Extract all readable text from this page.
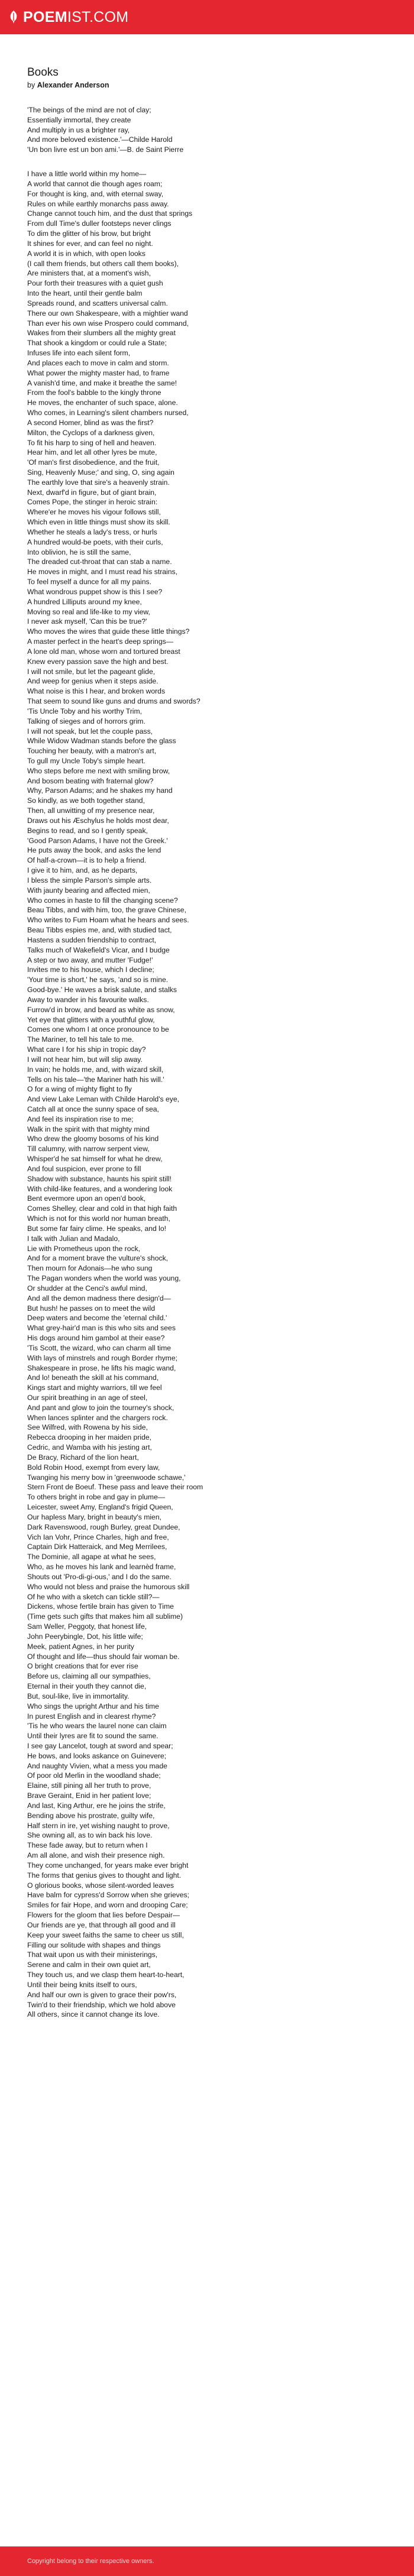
POEMIST.COM
Books
by Alexander Anderson
'The beings of the mind are not of clay;
Essentially immortal, they create
And multiply in us a brighter ray,
And more beloved existence.'—Childe Harold
'Un bon livre est un bon ami.'—B. de Saint Pierre
I have a little world within my home—
A world that cannot die though ages roam;
For thought is king, and, with eternal sway,
Rules on while earthly monarchs pass away.
Change cannot touch him, and the dust that springs
From dull Time's duller footsteps never clings
To dim the glitter of his brow, but bright
It shines for ever, and can feel no night.
A world it is in which, with open looks
(I call them friends, but others call them books),
Are ministers that, at a moment's wish,
Pour forth their treasures with a quiet gush
Into the heart, until their gentle balm
Spreads round, and scatters universal calm.
There our own Shakespeare, with a mightier wand
Than ever his own wise Prospero could command,
Wakes from their slumbers all the mighty great
That shook a kingdom or could rule a State;
Infuses life into each silent form,
And places each to move in calm and storm.
What power the mighty master had, to frame
A vanish'd time, and make it breathe the same!
From the fool's babble to the kingly throne
He moves, the enchanter of such space, alone.
Who comes, in Learning's silent chambers nursed,
A second Homer, blind as was the first?
Milton, the Cyclops of a darkness given,
To fit his harp to sing of hell and heaven.
Hear him, and let all other lyres be mute,
'Of man's first disobedience, and the fruit,
Sing, Heavenly Muse;' and sing, O, sing again
The earthly love that sire's a heavenly strain.
Next, dwarf'd in figure, but of giant brain,
Comes Pope, the stinger in heroic strain:
Where'er he moves his vigour follows still,
Which even in little things must show its skill.
Whether he steals a lady's tress, or hurls
A hundred would-be poets, with their curls,
Into oblivion, he is still the same,
The dreaded cut-throat that can stab a name.
He moves in might, and I must read his strains,
To feel myself a dunce for all my pains.
What wondrous puppet show is this I see?
A hundred Lilliputs around my knee,
Moving so real and life-like to my view,
I never ask myself, 'Can this be true?'
Who moves the wires that guide these little things?
A master perfect in the heart's deep springs—
A lone old man, whose worn and tortured breast
Knew every passion save the high and best.
I will not smile, but let the pageant glide,
And weep for genius when it steps aside.
What noise is this I hear, and broken words
That seem to sound like guns and drums and swords?
'Tis Uncle Toby and his worthy Trim,
Talking of sieges and of horrors grim.
I will not speak, but let the couple pass,
While Widow Wadman stands before the glass
Touching her beauty, with a matron's art,
To gull my Uncle Toby's simple heart.
Who steps before me next with smiling brow,
And bosom beating with fraternal glow?
Why, Parson Adams; and he shakes my hand
So kindly, as we both together stand,
Then, all unwitting of my presence near,
Draws out his Æschylus he holds most dear,
Begins to read, and so I gently speak,
'Good Parson Adams, I have not the Greek.'
He puts away the book, and asks the lend
Of half-a-crown—it is to help a friend.
I give it to him, and, as he departs,
I bless the simple Parson's simple arts.
With jaunty bearing and affected mien,
Who comes in haste to fill the changing scene?
Beau Tibbs, and with him, too, the grave Chinese,
Who writes to Fum Hoam what he hears and sees.
Beau Tibbs espies me, and, with studied tact,
Hastens a sudden friendship to contract,
Talks much of Wakefield's Vicar, and I budge
A step or two away, and mutter 'Fudge!'
Invites me to his house, which I decline;
'Your time is short,' he says, 'and so is mine.
Good-bye.' He waves a brisk salute, and stalks
Away to wander in his favourite walks.
Furrow'd in brow, and beard as white as snow,
Yet eye that glitters with a youthful glow,
Comes one whom I at once pronounce to be
The Mariner, to tell his tale to me.
What care I for his ship in tropic day?
I will not hear him, but will slip away.
In vain; he holds me, and, with wizard skill,
Tells on his tale—'the Mariner hath his will.'
O for a wing of mighty flight to fly
And view Lake Leman with Childe Harold's eye,
Catch all at once the sunny space of sea,
And feel its inspiration rise to me;
Walk in the spirit with that mighty mind
Who drew the gloomy bosoms of his kind
Till calumny, with narrow serpent view,
Whisper'd he sat himself for what he drew,
And foul suspicion, ever prone to fill
Shadow with substance, haunts his spirit still!
With child-like features, and a wondering look
Bent evermore upon an open'd book,
Comes Shelley, clear and cold in that high faith
Which is not for this world nor human breath,
But some far fairy clime. He speaks, and lo!
I talk with Julian and Madalo,
Lie with Prometheus upon the rock,
And for a moment brave the vulture's shock,
Then mourn for Adonais—he who sung
The Pagan wonders when the world was young,
Or shudder at the Cenci's awful mind,
And all the demon madness there design'd—
But hush! he passes on to meet the wild
Deep waters and become the 'eternal child.'
What grey-hair'd man is this who sits and sees
His dogs around him gambol at their ease?
'Tis Scott, the wizard, who can charm all time
With lays of minstrels and rough Border rhyme;
Shakespeare in prose, he lifts his magic wand,
And lo! beneath the skill at his command,
Kings start and mighty warriors, till we feel
Our spirit breathing in an age of steel,
And pant and glow to join the tourney's shock,
When lances splinter and the chargers rock.
See Wilfred, with Rowena by his side,
Rebecca drooping in her maiden pride,
Cedric, and Wamba with his jesting art,
De Bracy, Richard of the lion heart,
Bold Robin Hood, exempt from every law,
Twanging his merry bow in 'greenwoode schawe,'
Stern Front de Boeuf. These pass and leave their room
To others bright in robe and gay in plume—
Leicester, sweet Amy, England's frigid Queen,
Our hapless Mary, bright in beauty's mien,
Dark Ravenswood, rough Burley, great Dundee,
Vich Ian Vohr, Prince Charles, high and free,
Captain Dirk Hatteraick, and Meg Merrilees,
The Dominie, all agape at what he sees,
Who, as he moves his lank and learnèd frame,
Shouts out 'Pro-di-gi-ous,' and I do the same.
Who would not bless and praise the humorous skill
Of he who with a sketch can tickle still?—
Dickens, whose fertile brain has given to Time
(Time gets such gifts that makes him all sublime)
Sam Weller, Peggoty, that honest life,
John Peerybingle, Dot, his little wife;
Meek, patient Agnes, in her purity
Of thought and life—thus should fair woman be.
O bright creations that for ever rise
Before us, claiming all our sympathies,
Eternal in their youth they cannot die,
But, soul-like, live in immortality.
Who sings the upright Arthur and his time
In purest English and in clearest rhyme?
'Tis he who wears the laurel none can claim
Until their lyres are fit to sound the same.
I see gay Lancelot, tough at sword and spear;
He bows, and looks askance on Guinevere;
And naughty Vivien, what a mess you made
Of poor old Merlin in the woodland shade;
Elaine, still pining all her truth to prove,
Brave Geraint, Enid in her patient love;
And last, King Arthur, ere he joins the strife,
Bending above his prostrate, guilty wife,
Half stern in ire, yet wishing naught to prove,
She owning all, as to win back his love.
These fade away, but to return when I
Am all alone, and wish their presence nigh.
They come unchanged, for years make ever bright
The forms that genius gives to thought and light.
O glorious books, whose silent-worded leaves
Have balm for cypress'd Sorrow when she grieves;
Smiles for fair Hope, and worn and drooping Care;
Flowers for the gloom that lies before Despair—
Our friends are ye, that through all good and ill
Keep your sweet faiths the same to cheer us still,
Filling our solitude with shapes and things
That wait upon us with their ministerings,
Serene and calm in their own quiet art,
They touch us, and we clasp them heart-to-heart,
Until their being knits itself to ours,
And half our own is given to grace their pow'rs,
Twin'd to their friendship, which we hold above
All others, since it cannot change its love.
Copyright belong to their respective owners.
